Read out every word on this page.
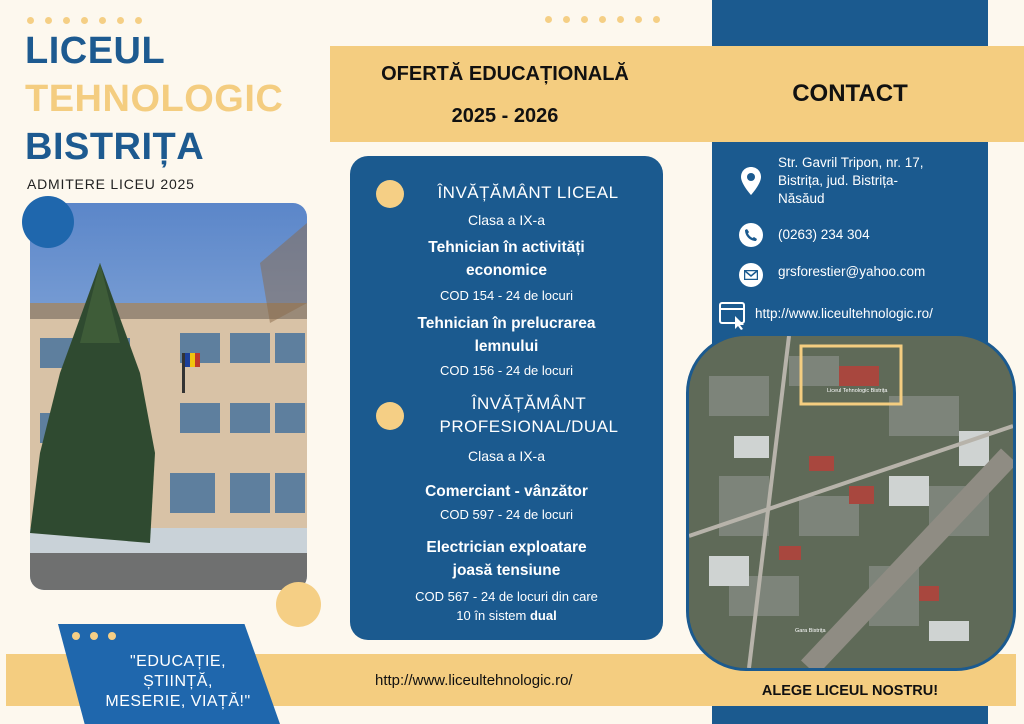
LICEUL
TEHNOLOGIC
BISTRIȚA
ADMITERE LICEU 2025
OFERTĂ EDUCAȚIONALĂ
2025 - 2026
CONTACT
ÎNVĂȚĂMÂNT LICEAL
Clasa a IX-a
Tehnician în activități
economice
COD 154 - 24 de locuri
Tehnician în prelucrarea
lemnului
COD 156 - 24 de locuri
ÎNVĂȚĂMÂNT
PROFESIONAL/DUAL
Clasa a IX-a
Comerciant - vânzător
COD 597 - 24 de locuri
Electrician exploatare
joasă tensiune
COD 567 - 24 de locuri din care
10 în sistem dual
Str. Gavril Tripon, nr. 17,
Bistrița, jud. Bistrița-
Năsăud
(0263) 234 304
grsforestier@yahoo.com
http://www.liceultehnologic.ro/
Liceul Tehnologic Bistrița
Gara Bistrița
"EDUCAȚIE,
ȘTIINȚĂ,
MESERIE, VIAȚĂ!"
http://www.liceultehnologic.ro/
ALEGE LICEUL NOSTRU!
